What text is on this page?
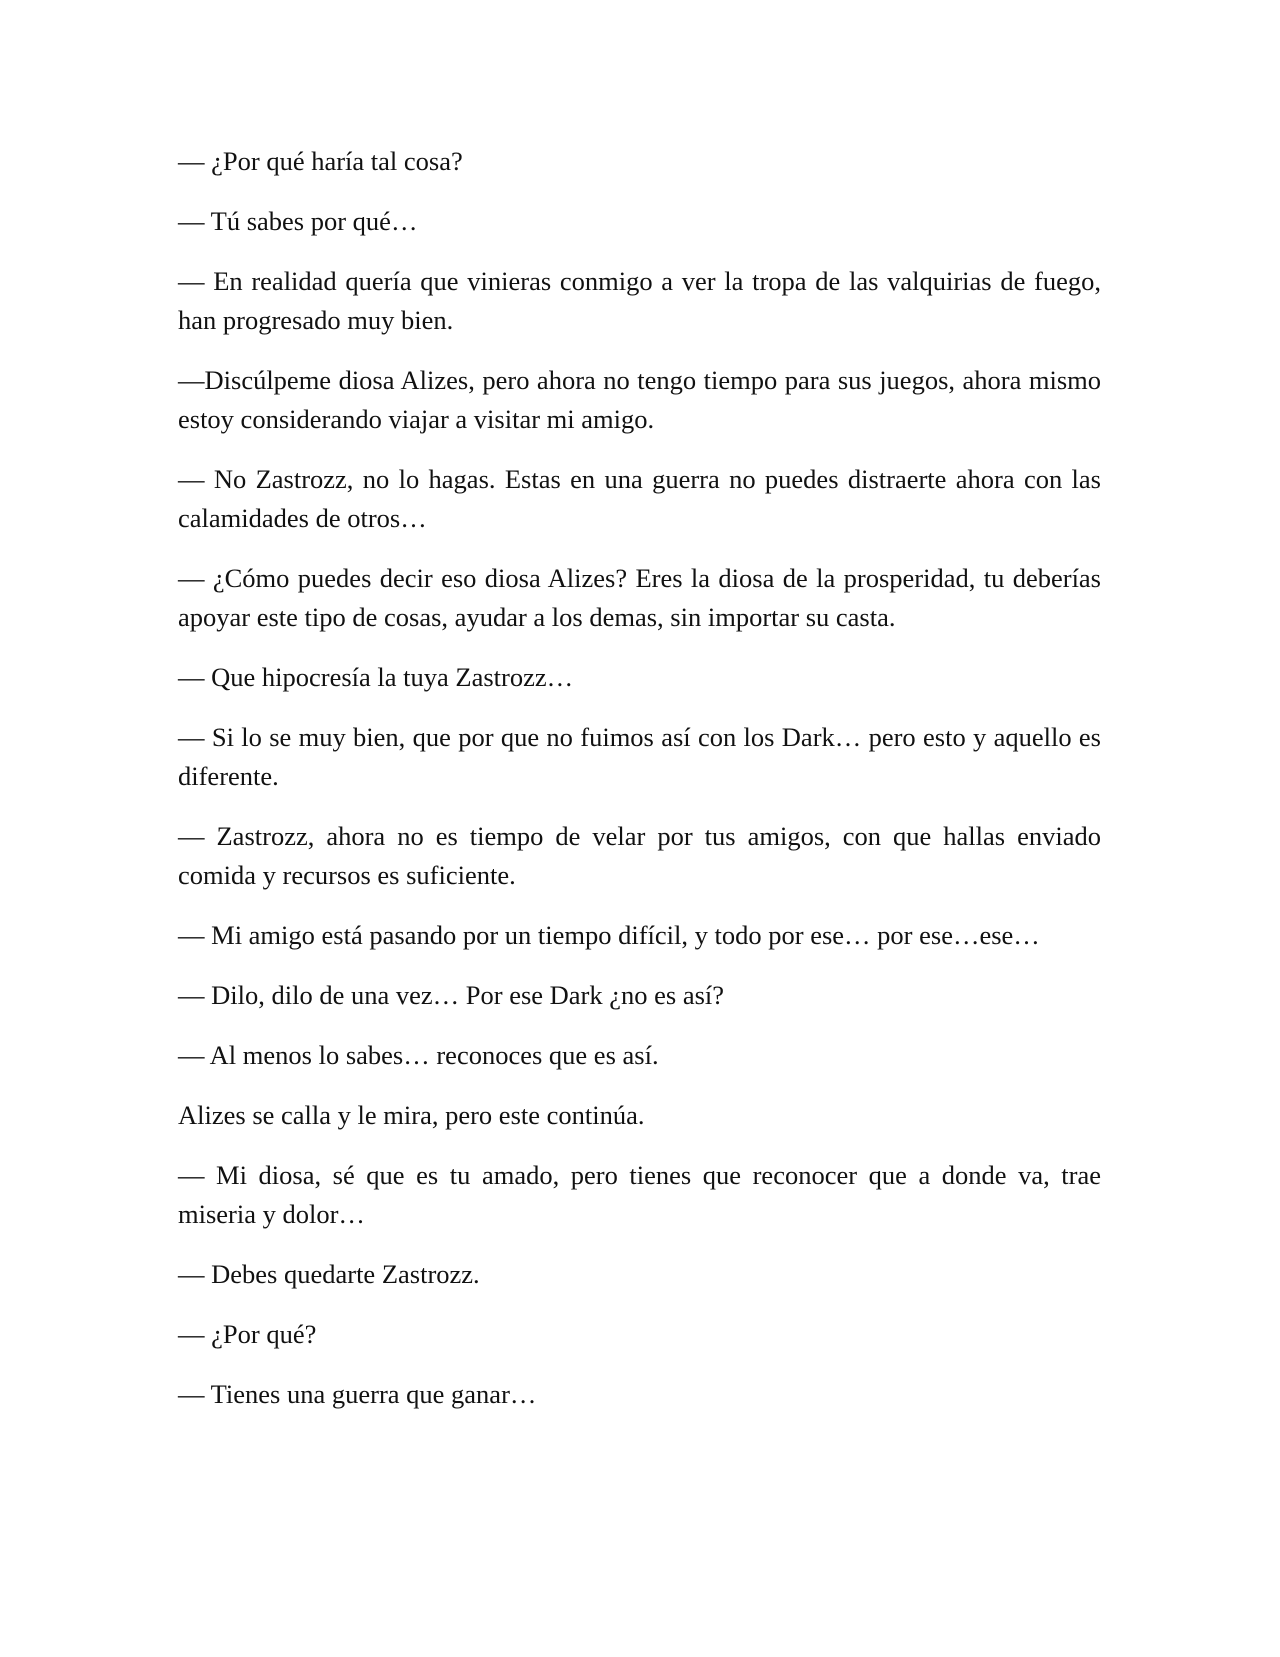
— ¿Por qué haría tal cosa?

— Tú sabes por qué…

— En realidad quería que vinieras conmigo a ver la tropa de las valquirias de fuego, han progresado muy bien.

—Discúlpeme diosa Alizes, pero ahora no tengo tiempo para sus juegos, ahora mismo estoy considerando viajar a visitar mi amigo.

— No Zastrozz, no lo hagas. Estas en una guerra no puedes distraerte ahora con las calamidades de otros…

— ¿Cómo puedes decir eso diosa Alizes? Eres la diosa de la prosperidad, tu deberías apoyar este tipo de cosas, ayudar a los demas, sin importar su casta.

— Que hipocresía la tuya Zastrozz…

— Si lo se muy bien, que por que no fuimos así con los Dark… pero esto y aquello es diferente.

— Zastrozz, ahora no es tiempo de velar por tus amigos, con que hallas enviado comida y recursos es suficiente.

— Mi amigo está pasando por un tiempo difícil, y todo por ese… por ese…ese…

— Dilo, dilo de una vez… Por ese Dark ¿no es así?

— Al menos lo sabes… reconoces que es así.

Alizes se calla y le mira, pero este continúa.

— Mi diosa, sé que es tu amado, pero tienes que reconocer que a donde va, trae miseria y dolor…

— Debes quedarte Zastrozz.

— ¿Por qué?

— Tienes una guerra que ganar…
